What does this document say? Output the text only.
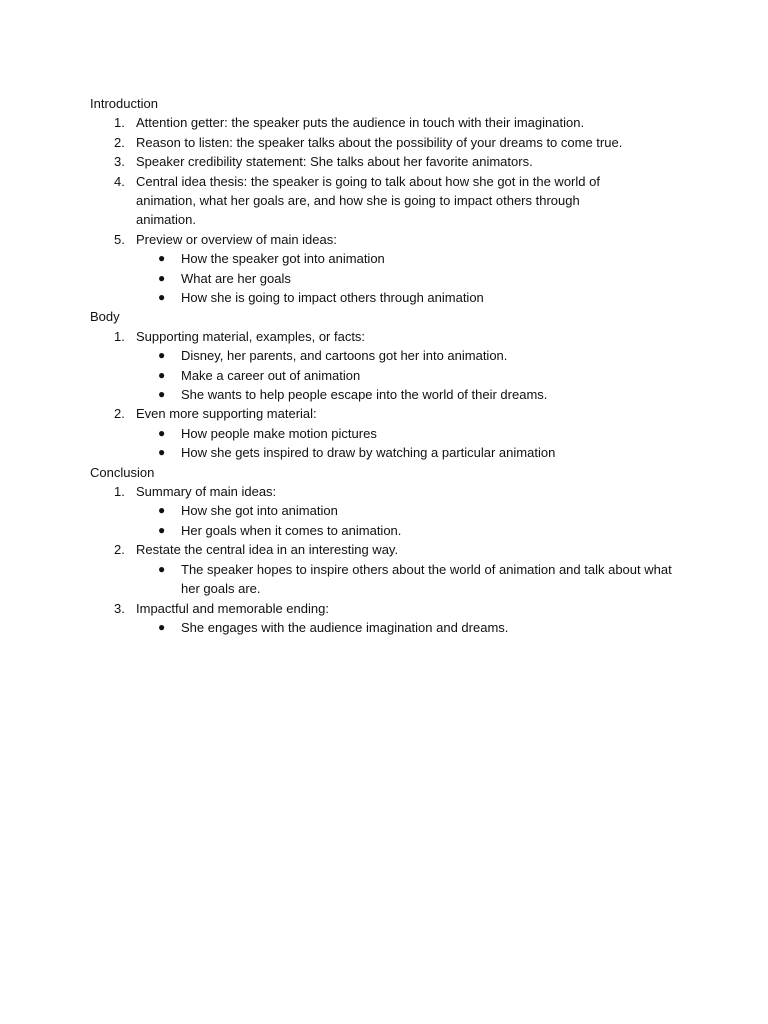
Introduction
1. Attention getter: the speaker puts the audience in touch with their imagination.
2. Reason to listen: the speaker talks about the possibility of your dreams to come true.
3. Speaker credibility statement: She talks about her favorite animators.
4. Central idea thesis: the speaker is going to talk about how she got in the world of animation, what her goals are, and how she is going to impact others through animation.
5. Preview or overview of main ideas:
●	How the speaker got into animation
●	What are her goals
●	How she is going to impact others through animation
Body
1. Supporting material, examples, or facts:
●	Disney, her parents, and cartoons got her into animation.
●	Make a career out of animation
●	She wants to help people escape into the world of their dreams.
2. Even more supporting material:
●	How people make motion pictures
●	How she gets inspired to draw by watching a particular animation
Conclusion
1. Summary of main ideas:
●	How she got into animation
●	Her goals when it comes to animation.
2. Restate the central idea in an interesting way.
●	The speaker hopes to inspire others about the world of animation and talk about what her goals are.
3. Impactful and memorable ending:
●	She engages with the audience imagination and dreams.
